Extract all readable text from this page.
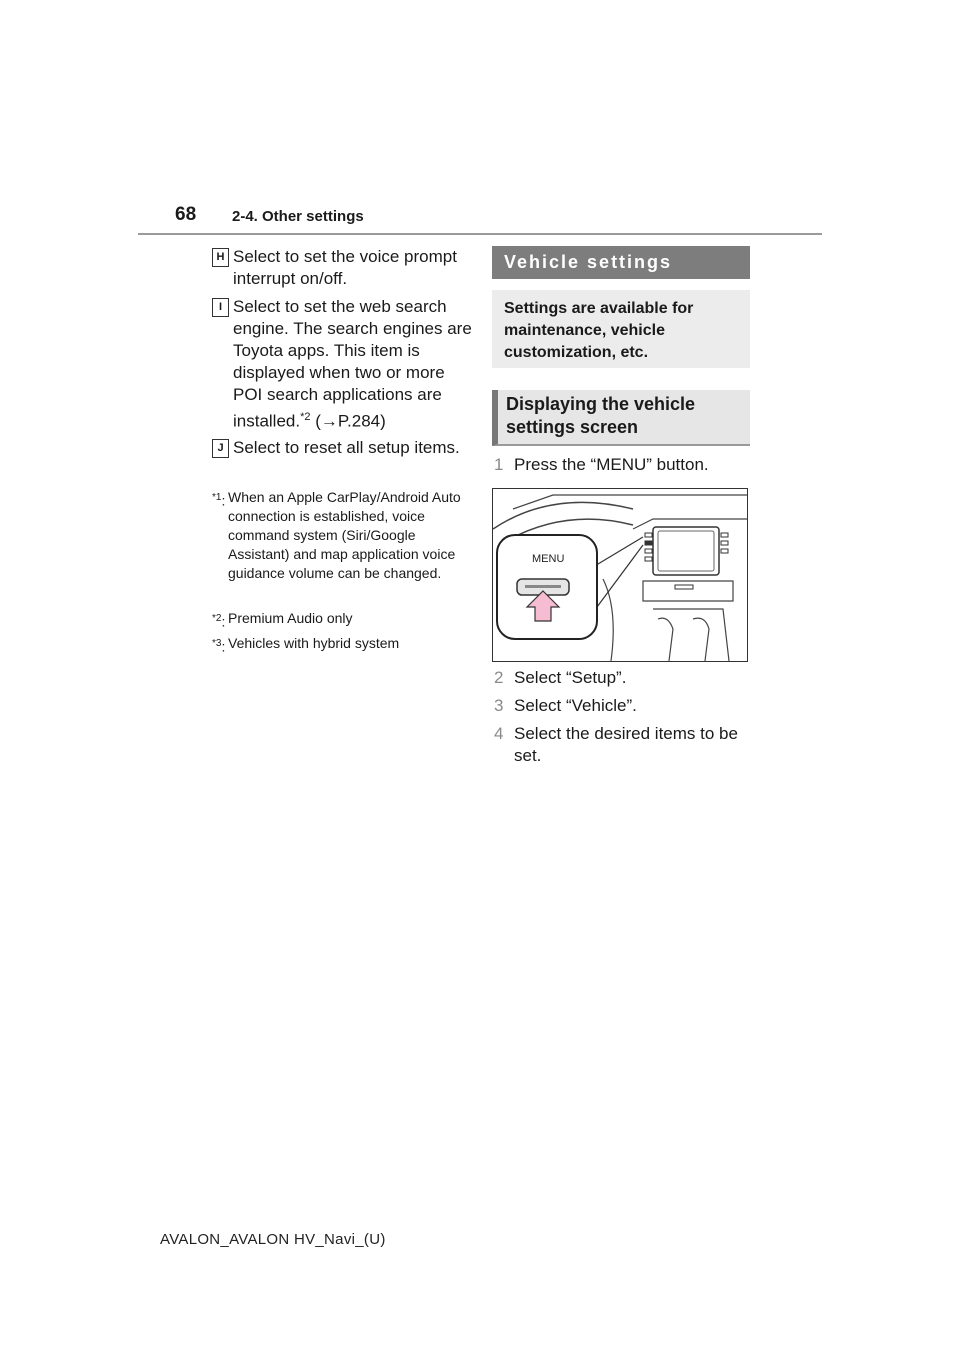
68 2-4. Other settings
H Select to set the voice prompt interrupt on/off.
I Select to set the web search engine. The search engines are Toyota apps. This item is displayed when two or more POI search applications are installed.$^{*2}$ (→P.284)
J Select to reset all setup items.
$^{*1}$: When an Apple CarPlay/Android Auto connection is established, voice command system (Siri/Google Assistant) and map application voice guidance volume can be changed.
$^{*2}$: Premium Audio only
$^{*3}$: Vehicles with hybrid system
Vehicle settings
Settings are available for maintenance, vehicle customization, etc.
Displaying the vehicle settings screen
1 Press the “MENU” button.
MENU
2 Select “Setup”.
3 Select “Vehicle”.
4 Select the desired items to be set.
AVALON_AVALON HV_Navi_(U)
